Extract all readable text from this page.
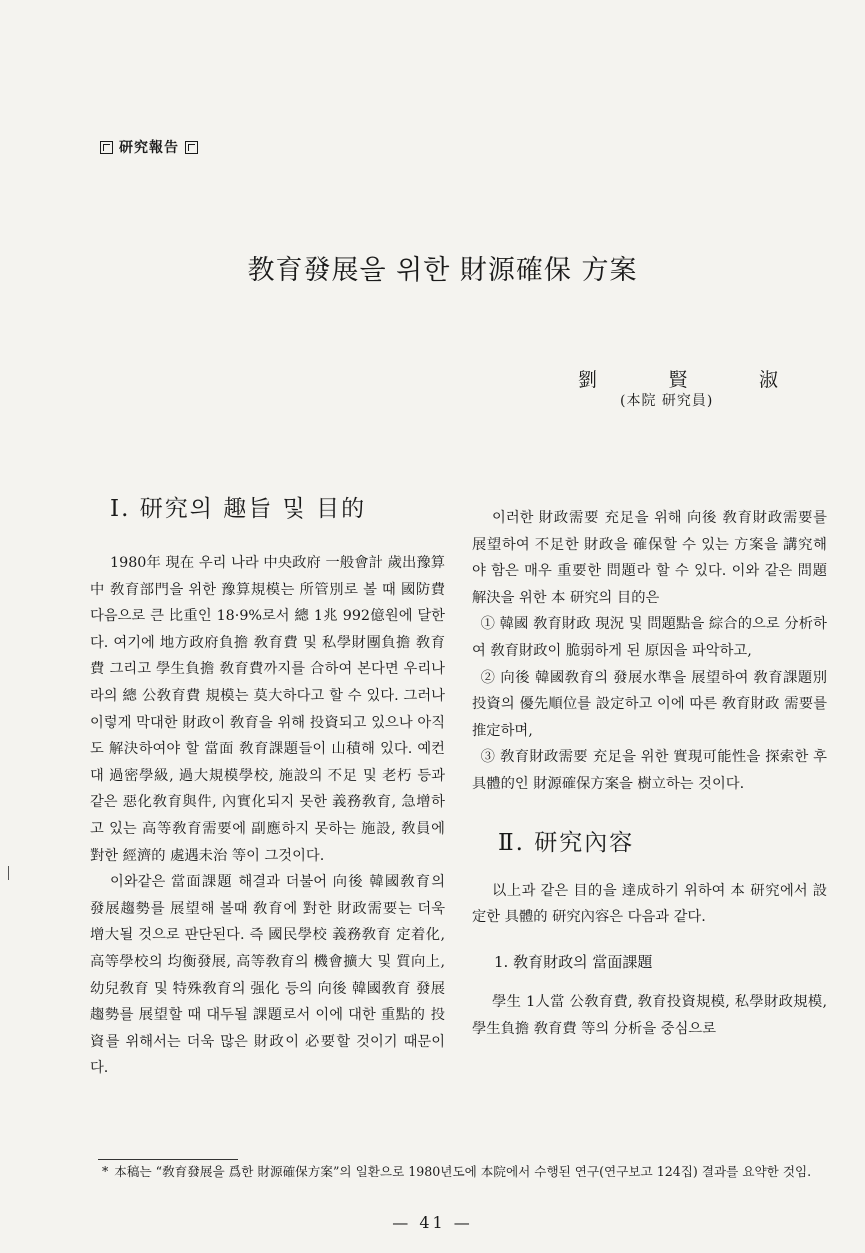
研究報告
教育發展을 위한 財源確保 方案
劉	賢	淑
(本院 研究員)
I. 研究의 趣旨 및 目的

1980年 現在 우리 나라 中央政府 一般會計 歲出豫算中 敎育部門을 위한 豫算規模는 所管別로 볼 때 國防費 다음으로 큰 比重인 18·9%로서 總 1兆 992億원에 달한다. 여기에 地方政府負擔 敎育費 및 私學財團負擔 敎育費 그리고 學生負擔 敎育費까지를 合하여 본다면 우리나라의 總 公敎育費 規模는 莫大하다고 할 수 있다. 그러나 이렇게 막대한 財政이 敎育을 위해 投資되고 있으나 아직도 解決하여야 할 當面 敎育課題들이 山積해 있다. 예컨대 過密學級, 過大規模學校, 施設의 不足 및 老朽 등과 같은 惡化敎育與件, 內實化되지 못한 義務敎育, 急增하고 있는 高等敎育需要에 副應하지 못하는 施設, 敎員에 對한 經濟的 處遇未治 等이 그것이다.

이와같은 當面課題 해결과 더불어 向後 韓國敎育의 發展趨勢를 展望해 볼때 敎育에 對한 財政需要는 더욱 增大될 것으로 판단된다. 즉 國民學校 義務敎育 定着化, 高等學校의 均衡發展, 高等敎育의 機會擴大 및 質向上, 幼兒敎育 및 特殊敎育의 强化 등의 向後 韓國敎育 發展趨勢를 展望할 때 대두될 課題로서 이에 대한 重點的 投資를 위해서는 더욱 많은 財政이 必要할 것이기 때문이다.

이러한 財政需要 充足을 위해 向後 敎育財政需要를 展望하여 不足한 財政을 確保할 수 있는 方案을 講究해야 함은 매우 重要한 問題라 할 수 있다. 이와 같은 問題解決을 위한 本 研究의 目的은

① 韓國 敎育財政 現況 및 問題點을 綜合的으로 分析하여 敎育財政이 脆弱하게 된 原因을 파악하고,

② 向後 韓國敎育의 發展水準을 展望하여 敎育課題別 投資의 優先順位를 設定하고 이에 따른 敎育財政 需要를 推定하며,

③ 敎育財政需要 充足을 위한 實現可能性을 探索한 후 具體的인 財源確保方案을 樹立하는 것이다.

Ⅱ. 研究內容

以上과 같은 目的을 達成하기 위하여 本 研究에서 設定한 具體的 研究內容은 다음과 같다.

1. 敎育財政의 當面課題

學生 1人當 公敎育費, 敎育投資規模, 私學財政規模, 學生負擔 敎育費 等의 分析을 중심으로

* 本稿는 “敎育發展을 爲한 財源確保方案”의 일환으로 1980년도에 本院에서 수행된 연구(연구보고 124집) 결과를 요약한 것임.
— 41 —
